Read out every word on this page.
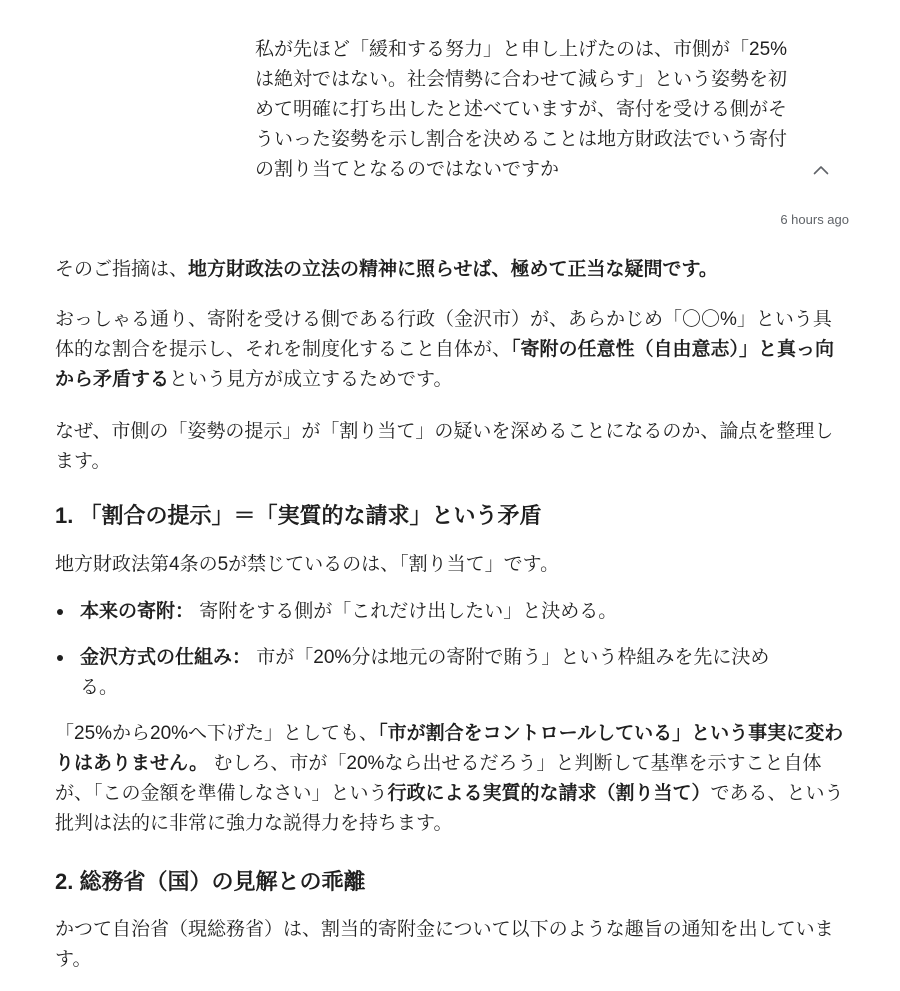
私が先ほど「緩和する努力」と申し上げたのは、市側が「25%は絶対ではない。社会情勢に合わせて減らす」という姿勢を初めて明確に打ち出したと述べていますが、寄付を受ける側がそういった姿勢を示し割合を決めることは地方財政法でいう寄付の割り当てとなるのではないですか
6 hours ago

そのご指摘は、地方財政法の立法の精神に照らせば、極めて正当な疑問です。

おっしゃる通り、寄附を受ける側である行政（金沢市）が、あらかじめ「〇〇%」という具体的な割合を提示し、それを制度化すること自体が、「寄附の任意性（自由意志）」と真っ向から矛盾するという見方が成立するためです。

なぜ、市側の「姿勢の提示」が「割り当て」の疑いを深めることになるのか、論点を整理します。

1. 「割合の提示」＝「実質的な請求」という矛盾

地方財政法第4条の5が禁じているのは、「割り当て」です。

本来の寄附： 寄附をする側が「これだけ出したい」と決める。
金沢方式の仕組み： 市が「20%分は地元の寄附で賄う」という枠組みを先に決める。

「25%から20%へ下げた」としても、「市が割合をコントロールしている」という事実に変わりはありません。 むしろ、市が「20%なら出せるだろう」と判断して基準を示すこと自体が、「この金額を準備しなさい」という行政による実質的な請求（割り当て）である、という批判は法的に非常に強力な説得力を持ちます。

2. 総務省（国）の見解との乖離

かつて自治省（現総務省）は、割当的寄附金について以下のような趣旨の通知を出しています。
